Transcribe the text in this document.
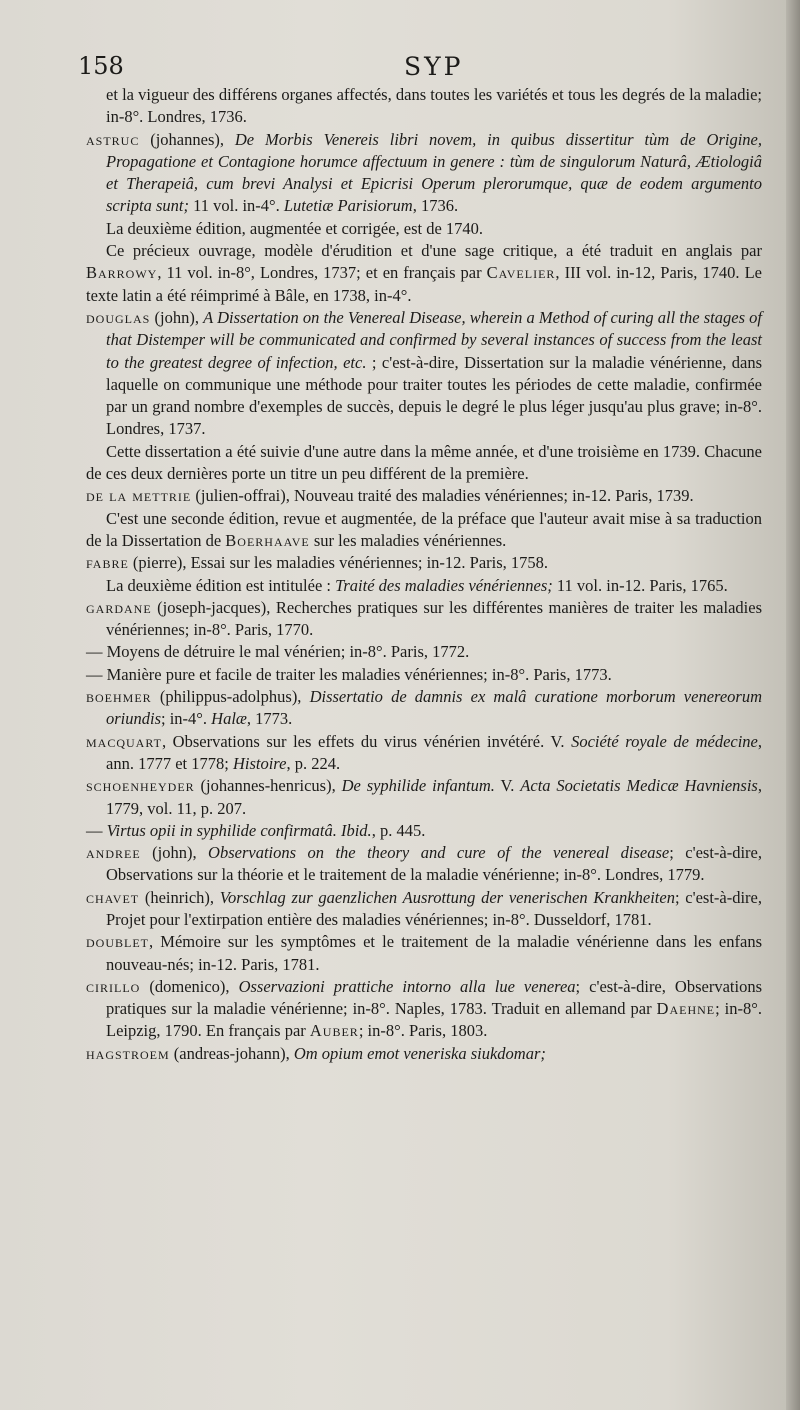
158	SYP

et la vigueur des différens organes affectés, dans toutes les variétés et tous les degrés de la maladie; in-8°. Londres, 1736.

astruc (johannes), De Morbis Venereis libri novem, in quibus dissertitur tùm de Origine, Propagatione et Contagione horumce affectuum in genere : tùm de singulorum Naturâ, Ætiologiâ et Therapeiâ, cum brevi Analysi et Epicrisi Operum plerorumque, quæ de eodem argumento scripta sunt; 11 vol. in-4°. Lutetiæ Parisiorum, 1736.

La deuxième édition, augmentée et corrigée, est de 1740.

Ce précieux ouvrage, modèle d'érudition et d'une sage critique, a été traduit en anglais par Barrowy, 11 vol. in-8°, Londres, 1737; et en français par Cavelier, III vol. in-12, Paris, 1740. Le texte latin a été réimprimé à Bâle, en 1738, in-4°.

douglas (john), A Dissertation on the Venereal Disease, wherein a Method of curing all the stages of that Distemper will be communicated and confirmed by several instances of success from the least to the greatest degree of infection, etc. ; c'est-à-dire, Dissertation sur la maladie vénérienne, dans laquelle on communique une méthode pour traiter toutes les périodes de cette maladie, confirmée par un grand nombre d'exemples de succès, depuis le degré le plus léger jusqu'au plus grave; in-8°. Londres, 1737.

Cette dissertation a été suivie d'une autre dans la même année, et d'une troisième en 1739. Chacune de ces deux dernières porte un titre un peu différent de la première.

de la mettrie (julien-offrai), Nouveau traité des maladies vénériennes; in-12. Paris, 1739.

C'est une seconde édition, revue et augmentée, de la préface que l'auteur avait mise à sa traduction de la Dissertation de Boerhaave sur les maladies vénériennes.

fabre (pierre), Essai sur les maladies vénériennes; in-12. Paris, 1758.

La deuxième édition est intitulée : Traité des maladies vénériennes; 11 vol. in-12. Paris, 1765.

gardane (joseph-jacques), Recherches pratiques sur les différentes manières de traiter les maladies vénériennes; in-8°. Paris, 1770.

— Moyens de détruire le mal vénérien; in-8°. Paris, 1772.

— Manière pure et facile de traiter les maladies vénériennes; in-8°. Paris, 1773.

boehmer (philippus-adolphus), Dissertatio de damnis ex malâ curatione morborum venereorum oriundis; in-4°. Halæ, 1773.

macquart, Observations sur les effets du virus vénérien invétéré. V. Société royale de médecine, ann. 1777 et 1778; Histoire, p. 224.

schoenheyder (johannes-henricus), De syphilide infantum. V. Acta Societatis Medicæ Havniensis, 1779, vol. 11, p. 207.

— Virtus opii in syphilide confirmatâ. Ibid., p. 445.

andree (john), Observations on the theory and cure of the venereal disease; c'est-à-dire, Observations sur la théorie et le traitement de la maladie vénérienne; in-8°. Londres, 1779.

chavet (heinrich), Vorschlag zur gaenzlichen Ausrottung der venerischen Krankheiten; c'est-à-dire, Projet pour l'extirpation entière des maladies vénériennes; in-8°. Dusseldorf, 1781.

doublet, Mémoire sur les symptômes et le traitement de la maladie vénérienne dans les enfans nouveau-nés; in-12. Paris, 1781.

cirillo (domenico), Osservazioni prattiche intorno alla lue venerea; c'est-à-dire, Observations pratiques sur la maladie vénérienne; in-8°. Naples, 1783. Traduit en allemand par Daehne; in-8°. Leipzig, 1790. En français par Auber; in-8°. Paris, 1803.

hagstroem (andreas-johann), Om opium emot veneriska siukdomar;
